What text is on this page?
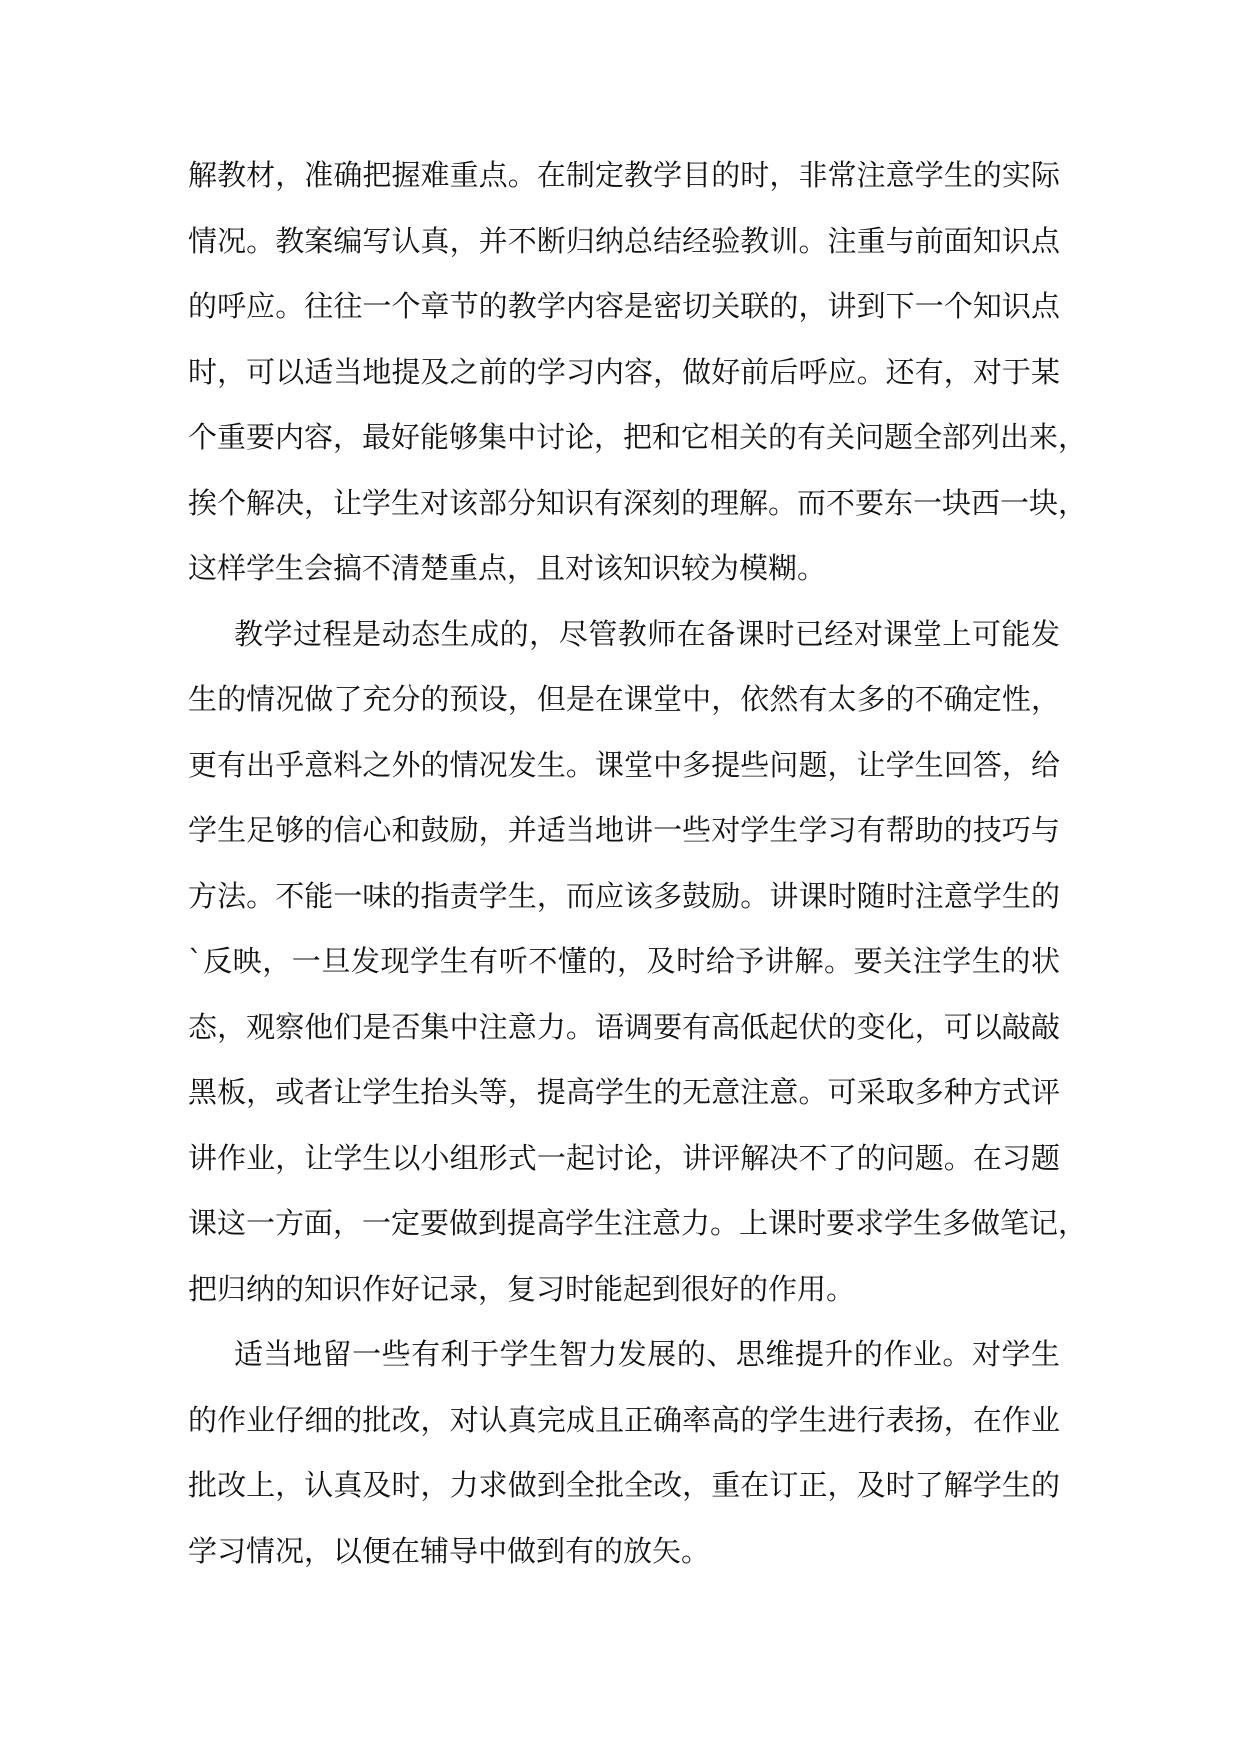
解教材，准确把握难重点。在制定教学目的时，非常注意学生的实际
情况。教案编写认真，并不断归纳总结经验教训。注重与前面知识点
的呼应。往往一个章节的教学内容是密切关联的，讲到下一个知识点
时，可以适当地提及之前的学习内容，做好前后呼应。还有，对于某
个重要内容，最好能够集中讨论，把和它相关的有关问题全部列出来，
挨个解决，让学生对该部分知识有深刻的理解。而不要东一块西一块，
这样学生会搞不清楚重点，且对该知识较为模糊。
教学过程是动态生成的，尽管教师在备课时已经对课堂上可能发
生的情况做了充分的预设，但是在课堂中，依然有太多的不确定性，
更有出乎意料之外的情况发生。课堂中多提些问题，让学生回答，给
学生足够的信心和鼓励，并适当地讲一些对学生学习有帮助的技巧与
方法。不能一味的指责学生，而应该多鼓励。讲课时随时注意学生的
`反映，一旦发现学生有听不懂的，及时给予讲解。要关注学生的状
态，观察他们是否集中注意力。语调要有高低起伏的变化，可以敲敲
黑板，或者让学生抬头等，提高学生的无意注意。可采取多种方式评
讲作业，让学生以小组形式一起讨论，讲评解决不了的问题。在习题
课这一方面，一定要做到提高学生注意力。上课时要求学生多做笔记，
把归纳的知识作好记录，复习时能起到很好的作用。
适当地留一些有利于学生智力发展的、思维提升的作业。对学生
的作业仔细的批改，对认真完成且正确率高的学生进行表扬，在作业
批改上，认真及时，力求做到全批全改，重在订正，及时了解学生的
学习情况，以便在辅导中做到有的放矢。
